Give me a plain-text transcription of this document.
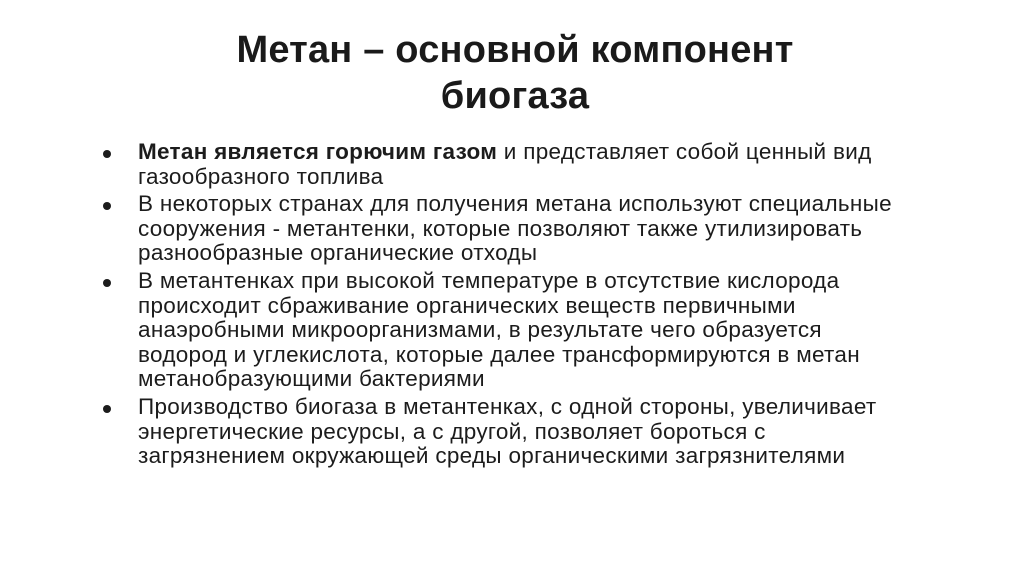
Метан – основной компонент
биогаза
Метан является горючим газом и представляет собой ценный вид газообразного топлива
В некоторых странах для получения метана используют специальные сооружения - метантенки, которые позволяют также утилизировать разнообразные органические отходы
В метантенках при высокой температуре в отсутствие кислорода происходит сбраживание органических веществ первичными анаэробными микроорганизмами, в результате чего образуется водород и углекислота, которые далее трансформируются в метан метанобразующими бактериями
Производство биогаза в метантенках, с одной стороны, увеличивает энергетические ресурсы, а с другой, позволяет бороться с загрязнением окружающей среды органическими загрязнителями
